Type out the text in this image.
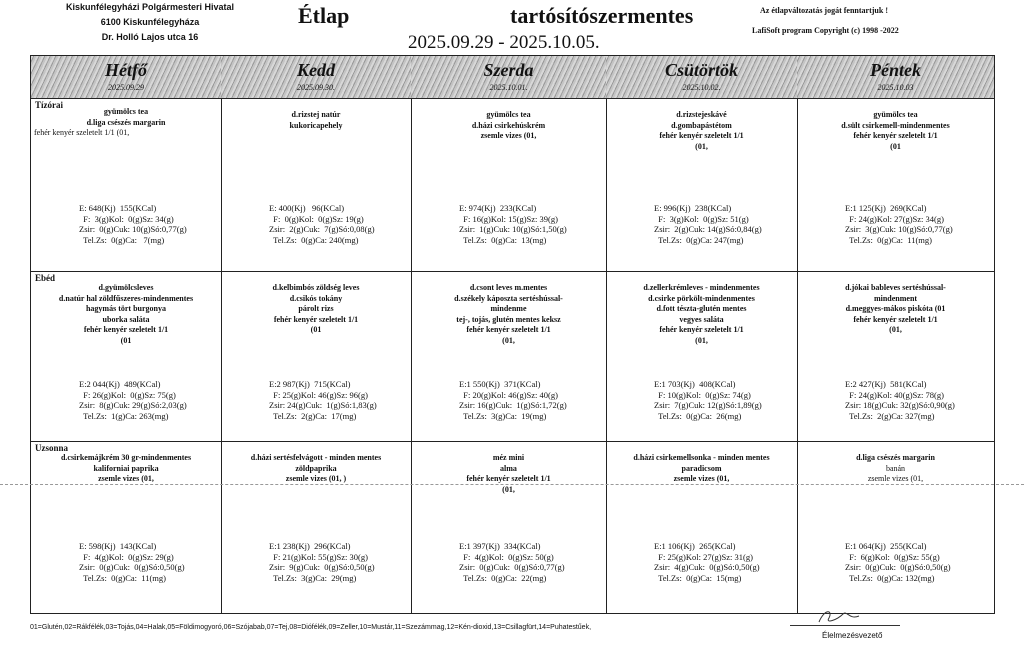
Kiskunfélegyházi Polgármesteri Hivatal
6100 Kiskunfélegyháza
Dr. Holló Lajos utca 16
Étlap	tartósítószermentes
2025.09.29 - 2025.10.05.
Az étlapváltozatás jogát fenntartjuk !
LafiSoft program Copyright (c) 1998 -2022
Hétfő
2025.09.29
Kedd
2025.09.30.
Szerda
2025.10.01.
Csütörtök
2025.10.02.
Péntek
2025.10.03
Tízórai
Ebéd
Uzsonna
gyümölcs tea
d.liga csészés margarin
fehér kenyér szeletelt 1/1 (01,
E: 648(Kj)  155(KCal)
F:  3(g)Kol:  0(g)Sz: 34(g)
Zsir:  0(g)Cuk: 10(g)Só:0,77(g)
Tel.Zs:  0(g)Ca:   7(mg)
d.rizstej natúr
kukoricapehely
E: 400(Kj)   96(KCal)
F:  0(g)Kol:  0(g)Sz: 19(g)
Zsir:  2(g)Cuk:  7(g)Só:0,08(g)
Tel.Zs:  0(g)Ca: 240(mg)
gyümölcs tea
d.házi csirkehúskrém
zsemle vizes (01,
E: 974(Kj)  233(KCal)
F: 16(g)Kol: 15(g)Sz: 39(g)
Zsir:  1(g)Cuk: 10(g)Só:1,50(g)
Tel.Zs:  0(g)Ca:  13(mg)
d.rizstejeskávé
d.gombapástétom
fehér kenyér szeletelt 1/1
(01,
E: 996(Kj)  238(KCal)
F:  3(g)Kol:  0(g)Sz: 51(g)
Zsir:  2(g)Cuk: 14(g)Só:0,84(g)
Tel.Zs:  0(g)Ca: 247(mg)
gyümölcs tea
d.sült csirkemell-mindenmentes
fehér kenyér szeletelt 1/1
(01
E:1 125(Kj)  269(KCal)
F: 24(g)Kol: 27(g)Sz: 34(g)
Zsir:  3(g)Cuk: 10(g)Só:0,77(g)
Tel.Zs:  0(g)Ca:  11(mg)
d.gyümölcsleves
d.natúr hal zöldfűszeres-mindenmentes
hagymás tört burgonya
uborka saláta
fehér kenyér szeletelt 1/1
(01
E:2 044(Kj)  489(KCal)
F: 26(g)Kol:  0(g)Sz: 75(g)
Zsir:  8(g)Cuk: 29(g)Só:2,03(g)
Tel.Zs:  1(g)Ca: 263(mg)
d.kelbimbós zöldség leves
d.csikós tokány
párolt rizs
fehér kenyér szeletelt 1/1
(01
E:2 987(Kj)  715(KCal)
F: 25(g)Kol: 46(g)Sz: 96(g)
Zsir: 24(g)Cuk:  1(g)Só:1,83(g)
Tel.Zs:  2(g)Ca:  17(mg)
d.csont leves m.mentes
d.székely káposzta sertéshússal-
mindenme
tej-, tojás, glutén mentes keksz
fehér kenyér szeletelt 1/1
(01,
E:1 550(Kj)  371(KCal)
F: 20(g)Kol: 46(g)Sz: 40(g)
Zsir: 16(g)Cuk:  1(g)Só:1,72(g)
Tel.Zs:  3(g)Ca:  19(mg)
d.zellerkrémleves - mindenmentes
d.csirke pörkölt-mindenmentes
d.fott tészta-glutén mentes
vegyes saláta
fehér kenyér szeletelt 1/1
(01,
E:1 703(Kj)  408(KCal)
F: 10(g)Kol:  0(g)Sz: 74(g)
Zsir:  7(g)Cuk: 12(g)Só:1,89(g)
Tel.Zs:  0(g)Ca:  26(mg)
d.jókai bableves sertéshússal-
mindenment
d.meggyes-mákos piskóta (01
fehér kenyér szeletelt 1/1
(01,
E:2 427(Kj)  581(KCal)
F: 24(g)Kol: 40(g)Sz: 78(g)
Zsir: 18(g)Cuk: 32(g)Só:0,90(g)
Tel.Zs:  2(g)Ca: 327(mg)
d.csirkemájkrém 30 gr-mindenmentes
kaliforniai paprika
zsemle vizes (01,
E: 598(Kj)  143(KCal)
F:  4(g)Kol:  0(g)Sz: 29(g)
Zsir:  0(g)Cuk:  0(g)Só:0,50(g)
Tel.Zs:  0(g)Ca:  11(mg)
d.házi sertésfelvágott - minden mentes
zöldpaprika
zsemle vizes (01, )
E:1 238(Kj)  296(KCal)
F: 21(g)Kol: 55(g)Sz: 30(g)
Zsir:  9(g)Cuk:  0(g)Só:0,50(g)
Tel.Zs:  3(g)Ca:  29(mg)
méz mini
alma
fehér kenyér szeletelt 1/1
(01,
E:1 397(Kj)  334(KCal)
F:  4(g)Kol:  0(g)Sz: 50(g)
Zsir:  0(g)Cuk:  0(g)Só:0,77(g)
Tel.Zs:  0(g)Ca:  22(mg)
d.házi csirkemellsonka - minden mentes
paradicsom
zsemle vizes (01,
E:1 106(Kj)  265(KCal)
F: 25(g)Kol: 27(g)Sz: 31(g)
Zsir:  4(g)Cuk:  0(g)Só:0,50(g)
Tel.Zs:  0(g)Ca:  15(mg)
d.liga csészés margarin
banán
zsemle vizes (01,
E:1 064(Kj)  255(KCal)
F:  6(g)Kol:  0(g)Sz: 55(g)
Zsir:  0(g)Cuk:  0(g)Só:0,50(g)
Tel.Zs:  0(g)Ca: 132(mg)
01=Glutén,02=Rákfélék,03=Tojás,04=Halak,05=Földimogyoró,06=Szójabab,07=Tej,08=Diófélék,09=Zeller,10=Mustár,11=Szezámmag,12=Kén-dioxid,13=Csillagfürt,14=Puhatestűek,
Élelmezésvezető
